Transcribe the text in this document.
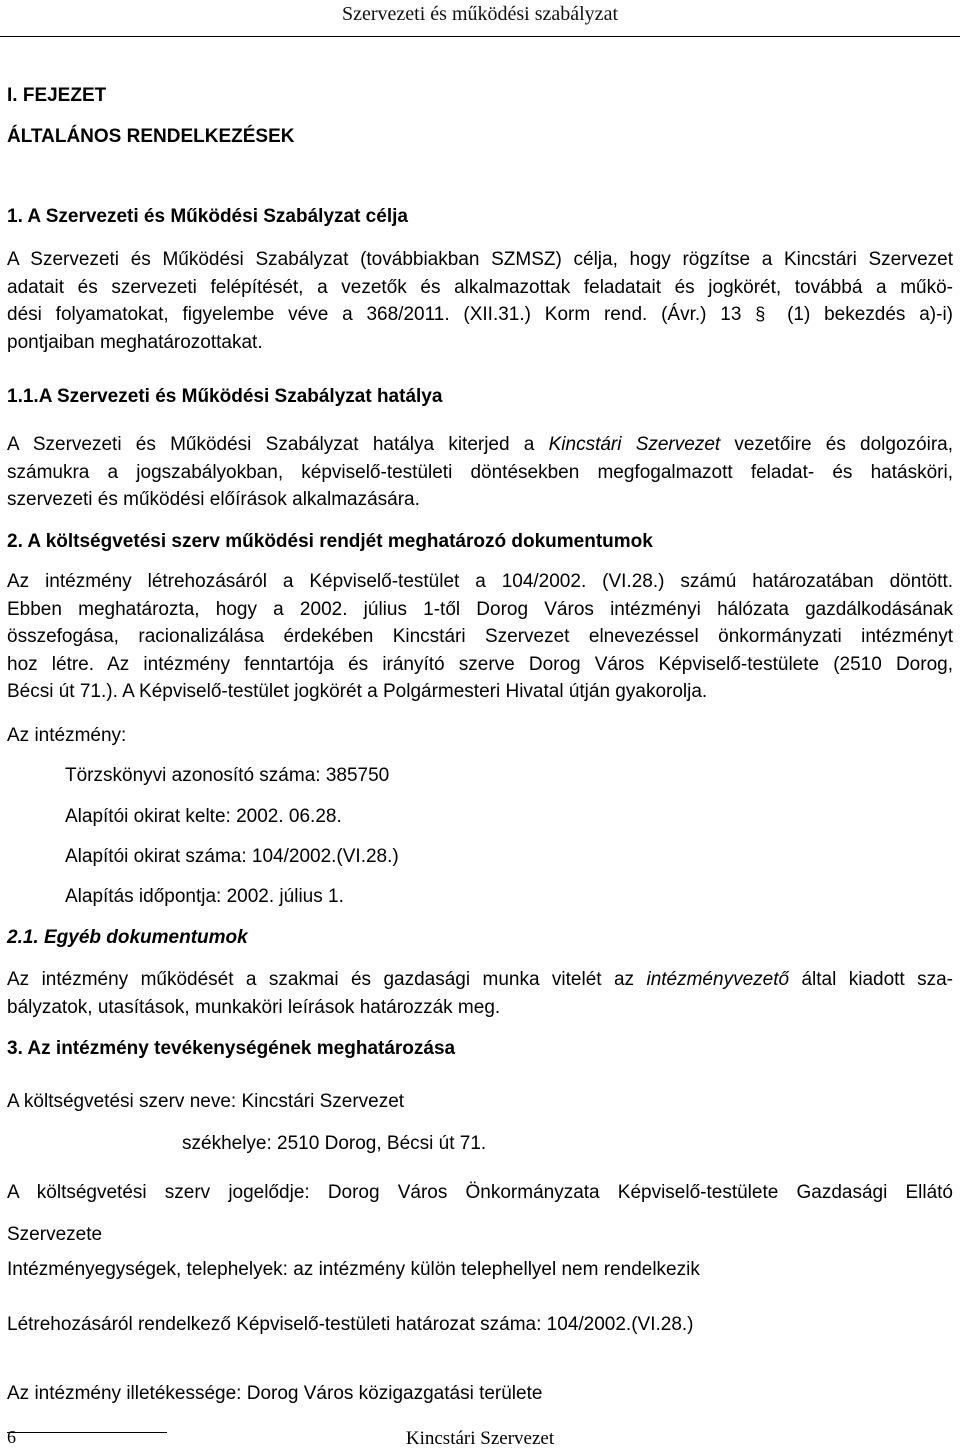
Szervezeti és működési szabályzat
I. FEJEZET
ÁLTALÁNOS RENDELKEZÉSEK
1. A Szervezeti és Működési Szabályzat célja
A Szervezeti és Működési Szabályzat (továbbiakban SZMSZ) célja, hogy rögzítse a Kincstári Szervezet
adatait és szervezeti felépítését, a vezetők és alkalmazottak feladatait és jogkörét, továbbá a műkö-
dési folyamatokat, figyelembe véve a 368/2011. (XII.31.) Korm rend. (Ávr.) 13 § (1) bekezdés a)-i)
pontjaiban meghatározottakat.
1.1.A Szervezeti és Működési Szabályzat hatálya
A Szervezeti és Működési Szabályzat hatálya kiterjed a Kincstári Szervezet vezetőire és dolgozóira,
számukra a jogszabályokban, képviselő-testületi döntésekben megfogalmazott feladat- és hatásköri,
szervezeti és működési előírások alkalmazására.
2. A költségvetési szerv működési rendjét meghatározó dokumentumok
Az intézmény létrehozásáról a Képviselő-testület a 104/2002. (VI.28.) számú határozatában döntött.
Ebben meghatározta, hogy a 2002. július 1-től Dorog Város intézményi hálózata gazdálkodásának
összefogása, racionalizálása érdekében Kincstári Szervezet elnevezéssel önkormányzati intézményt
hoz létre. Az intézmény fenntartója és irányító szerve Dorog Város Képviselő-testülete (2510 Dorog,
Bécsi út 71.). A Képviselő-testület jogkörét a Polgármesteri Hivatal útján gyakorolja.
Az intézmény:
Törzskönyvi azonosító száma: 385750
Alapítói okirat kelte: 2002. 06.28.
Alapítói okirat száma: 104/2002.(VI.28.)
Alapítás időpontja: 2002. július 1.
2.1. Egyéb dokumentumok
Az intézmény működését a szakmai és gazdasági munka vitelét az intézményvezető által kiadott sza-
bályzatok, utasítások, munkaköri leírások határozzák meg.
3. Az intézmény tevékenységének meghatározása
A költségvetési szerv neve: Kincstári Szervezet
székhelye: 2510 Dorog, Bécsi út 71.
A költségvetési szerv jogelődje: Dorog Város Önkormányzata Képviselő-testülete Gazdasági Ellátó
Szervezete
Intézményegységek, telephelyek: az intézmény külön telephellyel nem rendelkezik
Létrehozásáról rendelkező Képviselő-testületi határozat száma: 104/2002.(VI.28.)
Az intézmény illetékessége: Dorog Város közigazgatási területe
6	Kincstári Szervezet
